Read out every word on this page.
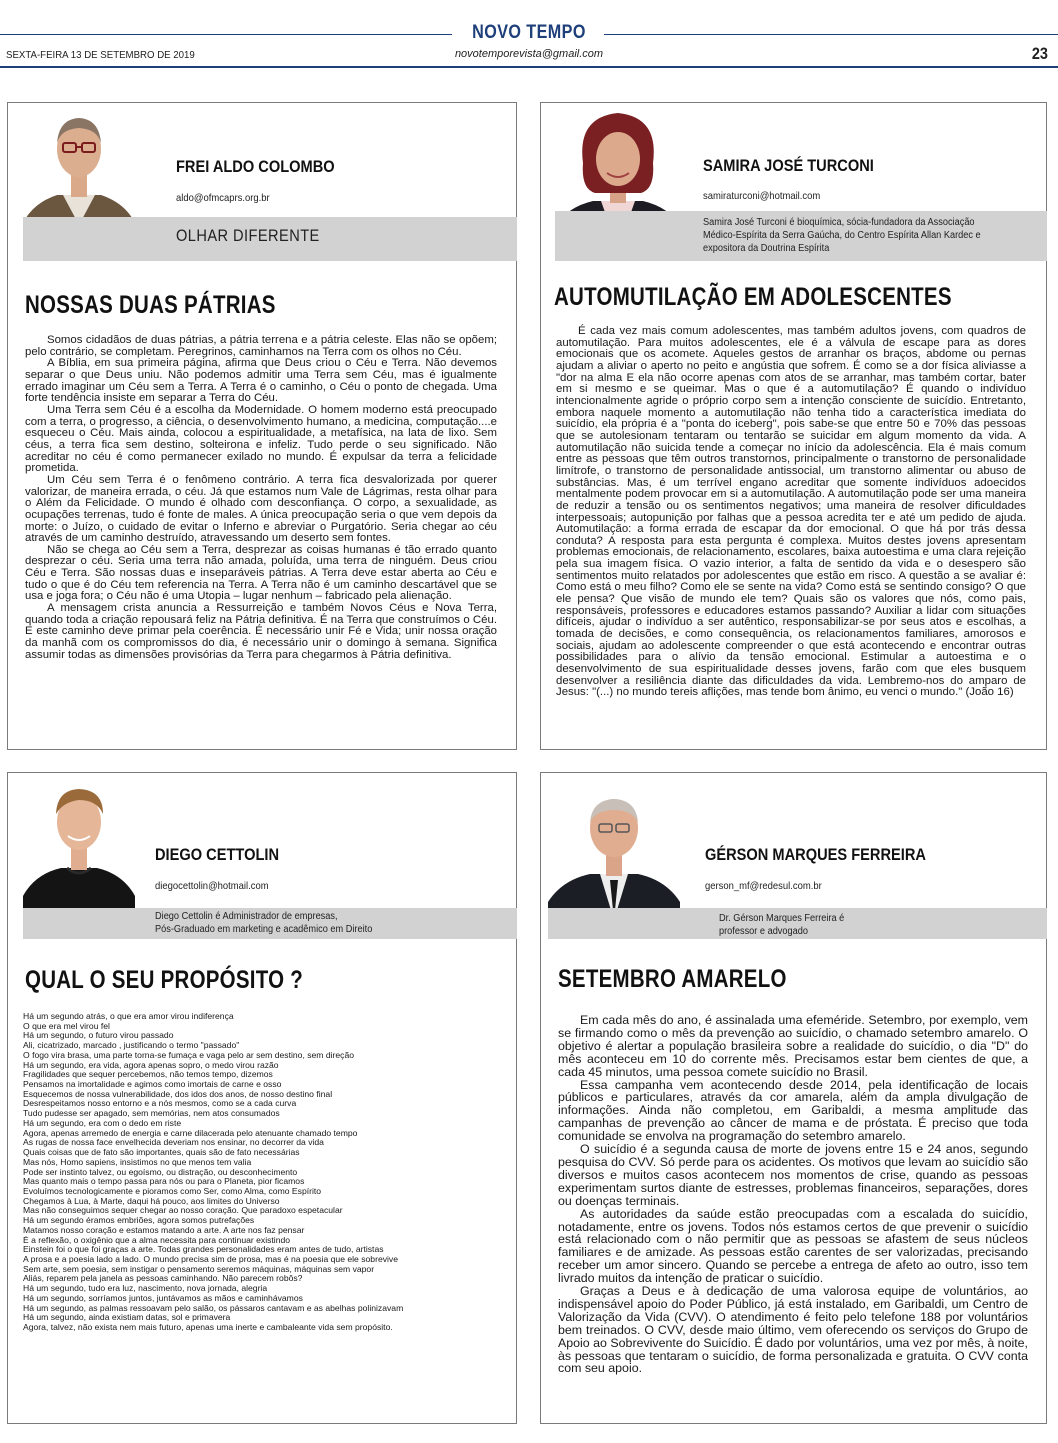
NOVO TEMPO
SEXTA-FEIRA 13 DE SETEMBRO DE 2019	novotemporevista@gmail.com	23
FREI ALDO COLOMBO
aldo@ofmcaprs.org.br
OLHAR DIFERENTE
NOSSAS DUAS PÁTRIAS

Somos cidadãos de duas pátrias, a pátria terrena e a pátria celeste. Elas não se opõem; pelo contrário, se completam. Peregrinos, caminhamos na Terra com os olhos no Céu.

A Bíblia, em sua primeira página, afirma que Deus criou o Céu e Terra. Não devemos separar o que Deus uniu. Não podemos admitir uma Terra sem Céu, mas é igualmente errado imaginar um Céu sem a Terra. A Terra é o caminho, o Céu o ponto de chegada. Uma forte tendência insiste em separar a Terra do Céu.

Uma Terra sem Céu é a escolha da Modernidade. O homem moderno está preocupado com a terra, o progresso, a ciência, o desenvolvimento humano, a medicina, computação....e esqueceu o Céu. Mais ainda, colocou a espiritualidade, a metafísica, na lata de lixo. Sem céus, a terra fica sem destino, solteirona e infeliz. Tudo perde o seu significado. Não acreditar no céu é como permanecer exilado no mundo. É expulsar da terra a felicidade prometida.

Um Céu sem Terra é o fenômeno contrário. A terra fica desvalorizada por querer valorizar, de maneira errada, o céu. Já que estamos num Vale de Lágrimas, resta olhar para o Além da Felicidade. O mundo é olhado com desconfiança. O corpo, a sexualidade, as ocupações terrenas, tudo é fonte de males. A única preocupação seria o que vem depois da morte: o Juízo, o cuidado de evitar o Inferno e abreviar o Purgatório. Seria chegar ao céu através de um caminho destruído, atravessando um deserto sem fontes.

Não se chega ao Céu sem a Terra, desprezar as coisas humanas é tão errado quanto desprezar o céu. Seria uma terra não amada, poluída, uma terra de ninguém. Deus criou Céu e Terra. São nossas duas e inseparáveis pátrias. A Terra deve estar aberta ao Céu e tudo o que é do Céu tem referencia na Terra. A Terra não é um caminho descartável que se usa e joga fora; o Céu não é uma Utopia – lugar nenhum – fabricado pela alienação.

A mensagem crista anuncia a Ressurreição e também Novos Céus e Nova Terra, quando toda a criação repousará feliz na Pátria definitiva. É na Terra que construímos o Céu. E este caminho deve primar pela coerência. É necessário unir Fé e Vida; unir nossa oração da manhã com os compromissos do dia, é necessário unir o domingo à semana. Significa assumir todas as dimensões provisórias da Terra para chegarmos à Pátria definitiva.

SAMIRA JOSÉ TURCONI
samiraturconi@hotmail.com
Samira José Turconi é bioquímica, sócia-fundadora da Associação
Médico-Espírita da Serra Gaúcha, do Centro Espírita Allan Kardec e
expositora da Doutrina Espírita
AUTOMUTILAÇÃO EM ADOLESCENTES

É cada vez mais comum adolescentes, mas também adultos jovens, com quadros de automutilação. Para muitos adolescentes, ele é a válvula de escape para as dores emocionais que os acomete. Aqueles gestos de arranhar os braços, abdome ou pernas ajudam a aliviar o aperto no peito e angústia que sofrem. É como se a dor física aliviasse a "dor na alma E ela não ocorre apenas com atos de se arranhar, mas também cortar, bater em si mesmo e se queimar. Mas o que é a automutilação? É quando o indivíduo intencionalmente agride o próprio corpo sem a intenção consciente de suicídio. Entretanto, embora naquele momento a automutilação não tenha tido a característica imediata do suicídio, ela própria é a "ponta do iceberg", pois sabe-se que entre 50 e 70% das pessoas que se autolesionam tentaram ou tentarão se suicidar em algum momento da vida. A automutilação não suicida tende a começar no início da adolescência. Ela é mais comum entre as pessoas que têm outros transtornos, principalmente o transtorno de personalidade limítrofe, o transtorno de personalidade antissocial, um transtorno alimentar ou abuso de substâncias. Mas, é um terrível engano acreditar que somente indivíduos adoecidos mentalmente podem provocar em si a automutilação. A automutilação pode ser uma maneira de reduzir a tensão ou os sentimentos negativos; uma maneira de resolver dificuldades interpessoais; autopunição por falhas que a pessoa acredita ter e até um pedido de ajuda. Automutilação: a forma errada de escapar da dor emocional. O que há por trás dessa conduta? A resposta para esta pergunta é complexa. Muitos destes jovens apresentam problemas emocionais, de relacionamento, escolares, baixa autoestima e uma clara rejeição pela sua imagem física. O vazio interior, a falta de sentido da vida e o desespero são sentimentos muito relatados por adolescentes que estão em risco. A questão a se avaliar é: Como está o meu filho? Como ele se sente na vida? Como está se sentindo consigo? O que ele pensa? Que visão de mundo ele tem? Quais são os valores que nós, como pais, responsáveis, professores e educadores estamos passando? Auxiliar a lidar com situações difíceis, ajudar o indivíduo a ser autêntico, responsabilizar-se por seus atos e escolhas, a tomada de decisões, e como consequência, os relacionamentos familiares, amorosos e sociais, ajudam ao adolescente compreender o que está acontecendo e encontrar outras possibilidades para o alívio da tensão emocional. Estimular a autoestima e o desenvolvimento de sua espiritualidade desses jovens, farão com que eles busquem desenvolver a resiliência diante das dificuldades da vida. Lembremo-nos do amparo de Jesus: "(...) no mundo tereis aflições, mas tende bom ânimo, eu venci o mundo." (João 16)

DIEGO CETTOLIN
diegocettolin@hotmail.com
Diego Cettolin é Administrador de empresas,
Pós-Graduado em marketing e acadêmico em Direito
QUAL O SEU PROPÓSITO ?
Há um segundo atrás, o que era amor virou indiferença
O que era mel virou fel
Há um segundo, o futuro virou passado
Ali, cicatrizado, marcado , justificando o termo "passado"
O fogo vira brasa, uma parte torna-se fumaça e vaga pelo ar sem destino, sem direção
Há um segundo, era vida, agora apenas sopro, o medo virou razão
Fragilidades que sequer percebemos, não temos tempo, dizemos
Pensamos na imortalidade e agimos como imortais de carne e osso
Esquecemos de nossa vulnerabilidade, dos idos dos anos, de nosso destino final
Desrespeitamos nosso entorno e a nós mesmos, como se a cada curva
Tudo pudesse ser apagado, sem memórias, nem atos consumados
Há um segundo, era com o dedo em riste
Agora, apenas arremedo de energia e carne dilacerada pelo atenuante chamado tempo
As rugas de nossa face envelhecida deveriam nos ensinar, no decorrer da vida
Quais coisas que de fato são importantes, quais são de fato necessárias
Mas nós, Homo sapiens, insistimos no que menos tem valia
Pode ser instinto talvez, ou egoísmo, ou distração, ou desconhecimento
Mas quanto mais o tempo passa para nós ou para o Planeta, pior ficamos
Evoluímos tecnologicamente e pioramos como Ser, como Alma, como Espírito
Chegamos à Lua, à Marte, daqui há pouco, aos limites do Universo
Mas não conseguimos sequer chegar ao nosso coração. Que paradoxo espetacular
Há um segundo éramos embriões, agora somos putrefações
Matamos nosso coração e estamos matando a arte. A arte nos faz pensar
É a reflexão, o oxigênio que a alma necessita para continuar existindo
Einstein foi o que foi graças a arte. Todas grandes personalidades eram antes de tudo, artistas
A prosa e a poesia lado a lado. O mundo precisa sim de prosa, mas é na poesia que ele sobrevive
Sem arte, sem poesia, sem instigar o pensamento seremos máquinas, máquinas sem vapor
Aliás, reparem pela janela as pessoas caminhando. Não parecem robôs?
Há um segundo, tudo era luz, nascimento, nova jornada, alegria
Há um segundo, sorríamos juntos, juntávamos as mãos e caminhávamos
Há um segundo, as palmas ressoavam pelo salão, os pássaros cantavam e as abelhas polinizavam
Há um segundo, ainda existiam datas, sol e primavera
Agora, talvez, não exista nem mais futuro, apenas uma inerte e cambaleante vida sem propósito.
GÉRSON MARQUES FERREIRA
gerson_mf@redesul.com.br
Dr. Gérson Marques Ferreira é
professor e advogado
SETEMBRO AMARELO

Em cada mês do ano, é assinalada uma efeméride. Setembro, por exemplo, vem se firmando como o mês da prevenção ao suicídio, o chamado setembro amarelo. O objetivo é alertar a população brasileira sobre a realidade do suicídio, o dia "D" do mês aconteceu em 10 do corrente mês. Precisamos estar bem cientes de que, a cada 45 minutos, uma pessoa comete suicídio no Brasil.

Essa campanha vem acontecendo desde 2014, pela identificação de locais públicos e particulares, através da cor amarela, além da ampla divulgação de informações. Ainda não completou, em Garibaldi, a mesma amplitude das campanhas de prevenção ao câncer de mama e de próstata. É preciso que toda comunidade se envolva na programação do setembro amarelo.

O suicídio é a segunda causa de morte de jovens entre 15 e 24 anos, segundo pesquisa do CVV. Só perde para os acidentes. Os motivos que levam ao suicídio são diversos e muitos casos acontecem nos momentos de crise, quando as pessoas experimentam surtos diante de estresses, problemas financeiros, separações, dores ou doenças terminais.

As autoridades da saúde estão preocupadas com a escalada do suicídio, notadamente, entre os jovens. Todos nós estamos certos de que prevenir o suicídio está relacionado com o não permitir que as pessoas se afastem de seus núcleos familiares e de amizade. As pessoas estão carentes de ser valorizadas, precisando receber um amor sincero. Quando se percebe a entrega de afeto ao outro, isso tem livrado muitos da intenção de praticar o suicídio.

Graças a Deus e à dedicação de uma valorosa equipe de voluntários, ao indispensável apoio do Poder Público, já está instalado, em Garibaldi, um Centro de Valorização da Vida (CVV). O atendimento é feito pelo telefone 188 por voluntários bem treinados. O CVV, desde maio último, vem oferecendo os serviços do Grupo de Apoio ao Sobrevivente do Suicídio. É dado por voluntários, uma vez por mês, à noite, às pessoas que tentaram o suicídio, de forma personalizada e gratuita. O CVV conta com seu apoio.
